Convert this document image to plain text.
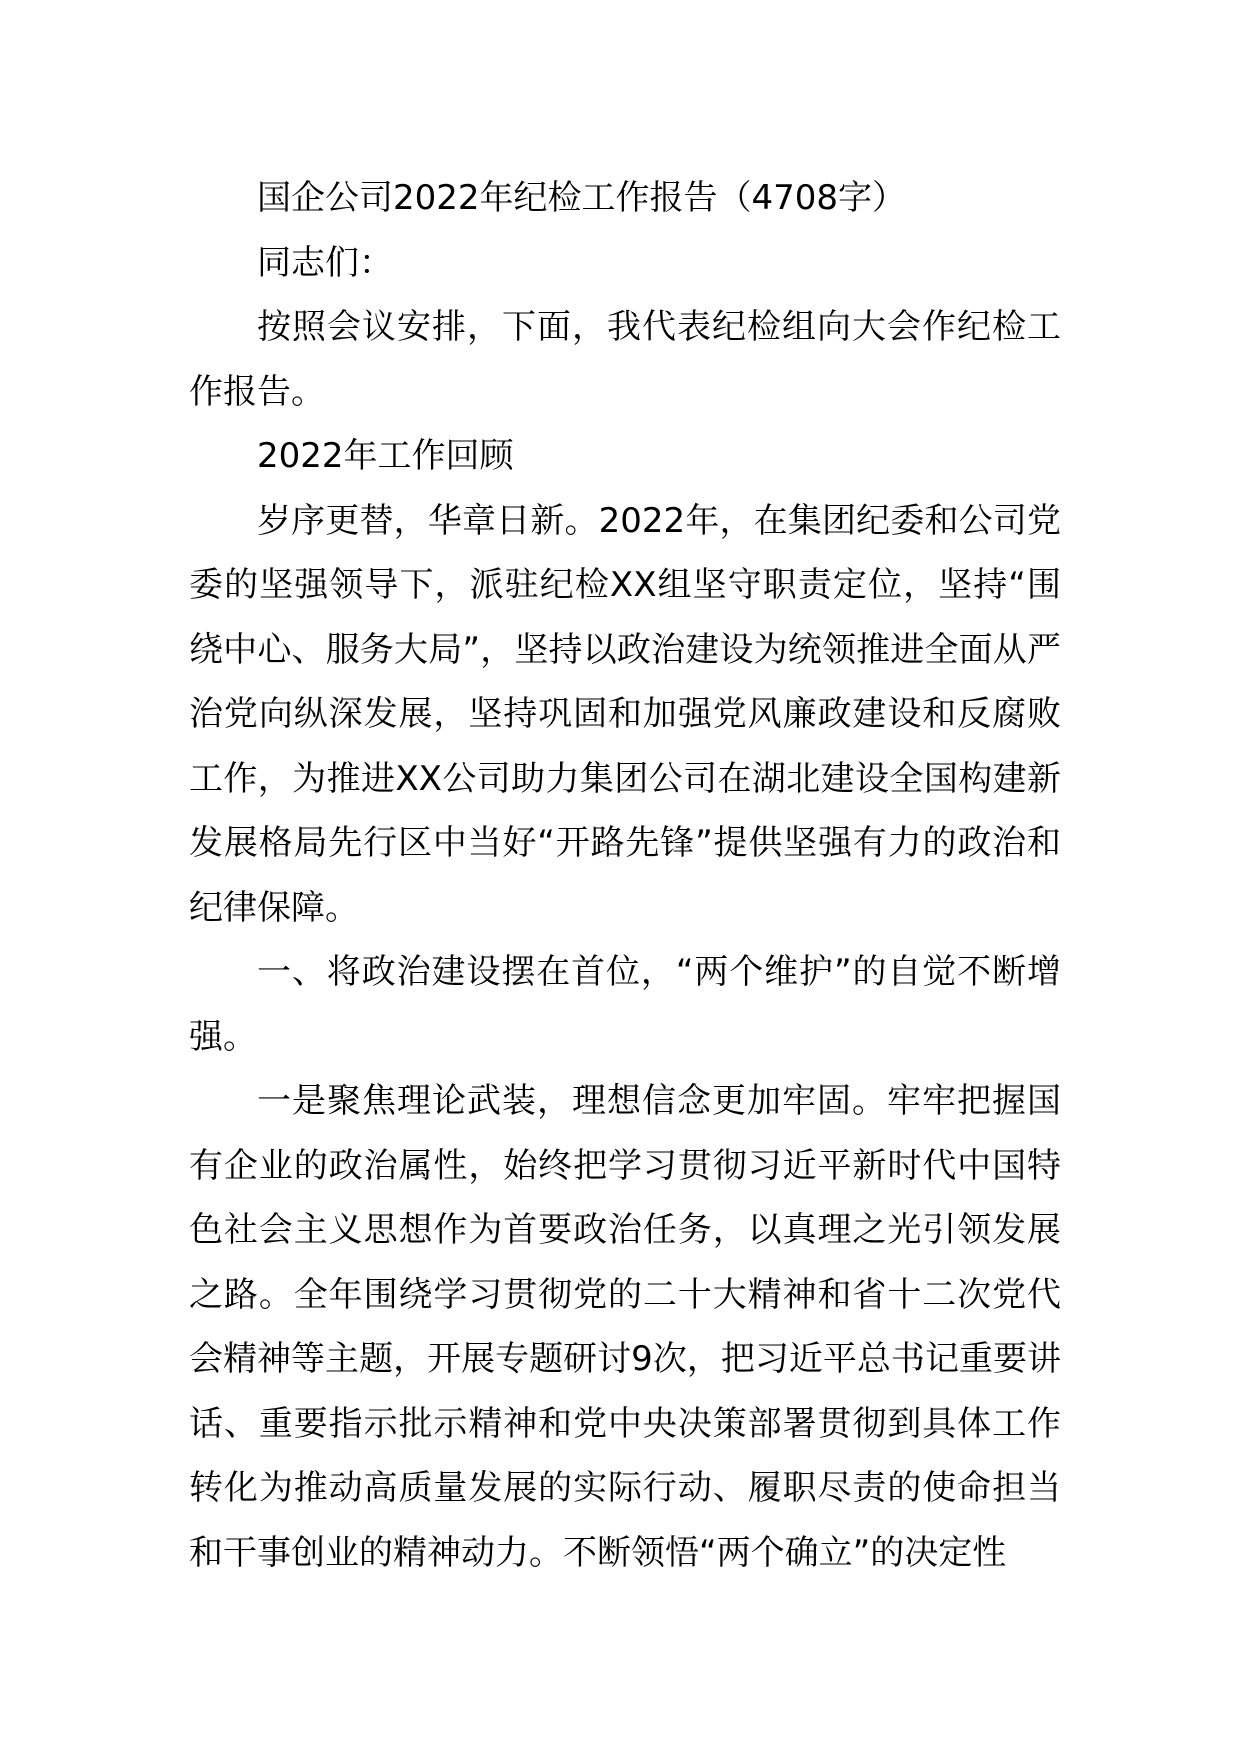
国企公司2022年纪检工作报告（4708字）

同志们：

按照会议安排，下面，我代表纪检组向大会作纪检工作报告。

2022年工作回顾

岁序更替，华章日新。2022年，在集团纪委和公司党委的坚强领导下，派驻纪检XX组坚守职责定位，坚持“围绕中心、服务大局”，坚持以政治建设为统领推进全面从严治党向纵深发展，坚持巩固和加强党风廉政建设和反腐败工作，为推进XX公司助力集团公司在湖北建设全国构建新发展格局先行区中当好“开路先锋”提供坚强有力的政治和纪律保障。

一、将政治建设摆在首位，“两个维护”的自觉不断增强。

一是聚焦理论武装，理想信念更加牢固。牢牢把握国有企业的政治属性，始终把学习贯彻习近平新时代中国特色社会主义思想作为首要政治任务，以真理之光引领发展之路。全年围绕学习贯彻党的二十大精神和省十二次党代会精神等主题，开展专题研讨9次，把习近平总书记重要讲话、重要指示批示精神和党中央决策部署贯彻到具体工作转化为推动高质量发展的实际行动、履职尽责的使命担当和干事创业的精神动力。不断领悟“两个确立”的决定性
